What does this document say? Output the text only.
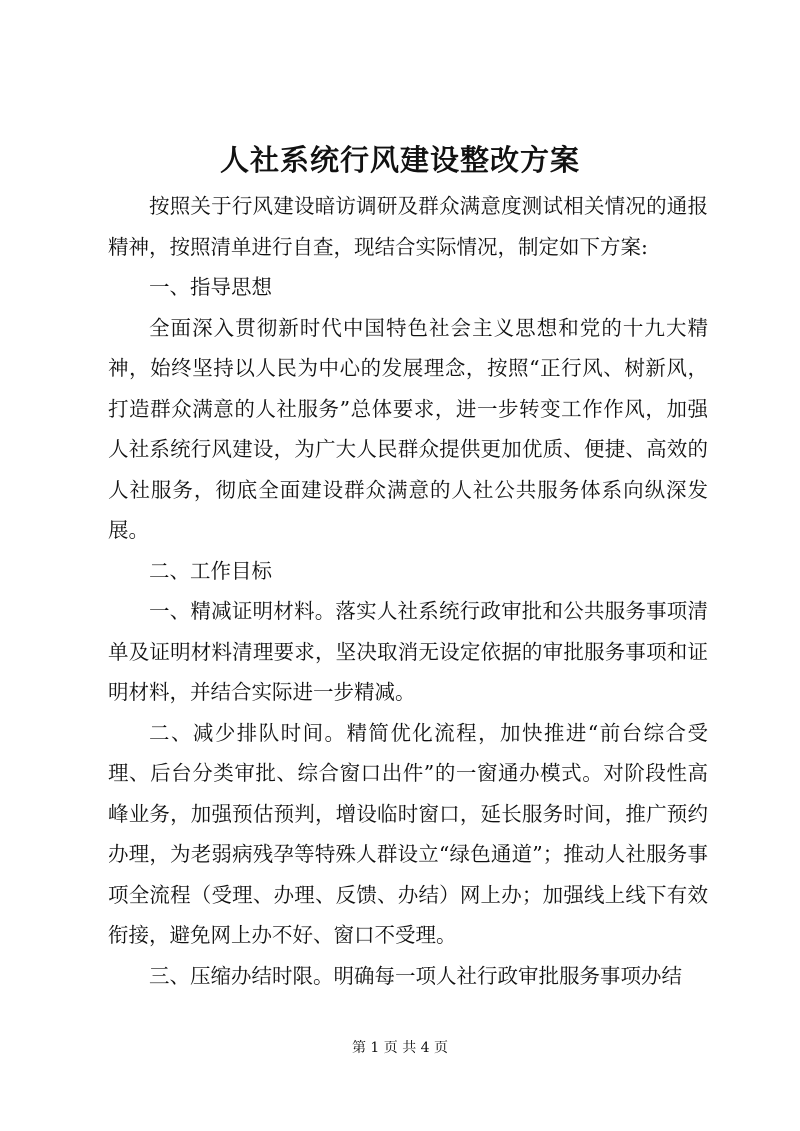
人社系统行风建设整改方案

按照关于行风建设暗访调研及群众满意度测试相关情况的通报精神，按照清单进行自查，现结合实际情况，制定如下方案:

一、指导思想

全面深入贯彻新时代中国特色社会主义思想和党的十九大精神，始终坚持以人民为中心的发展理念，按照“正行风、树新风，打造群众满意的人社服务”总体要求，进一步转变工作作风，加强人社系统行风建设，为广大人民群众提供更加优质、便捷、高效的人社服务，彻底全面建设群众满意的人社公共服务体系向纵深发展。

二、工作目标

一、精减证明材料。落实人社系统行政审批和公共服务事项清单及证明材料清理要求，坚决取消无设定依据的审批服务事项和证明材料，并结合实际进一步精减。

二、减少排队时间。精简优化流程，加快推进“前台综合受理、后台分类审批、综合窗口出件”的一窗通办模式。对阶段性高峰业务，加强预估预判，增设临时窗口，延长服务时间，推广预约办理，为老弱病残孕等特殊人群设立“绿色通道”；推动人社服务事项全流程（受理、办理、反馈、办结）网上办；加强线上线下有效衔接，避免网上办不好、窗口不受理。

三、压缩办结时限。明确每一项人社行政审批服务事项办结

第 1 页 共 4 页
